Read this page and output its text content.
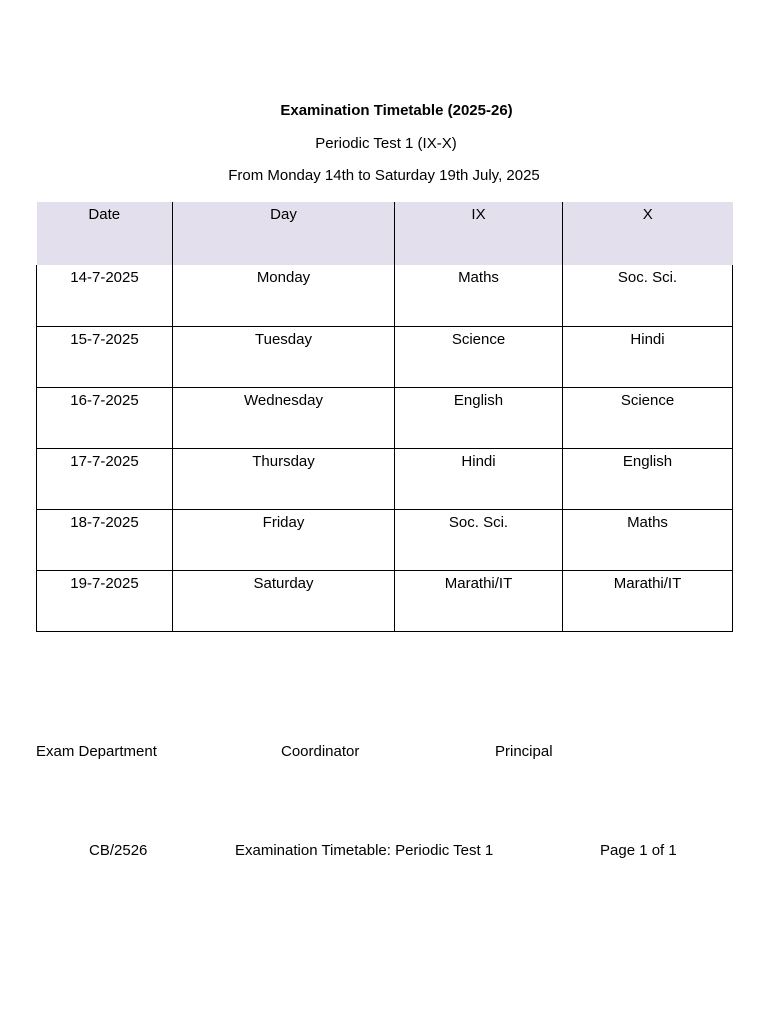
Examination Timetable (2025-26)
Periodic Test 1 (IX-X)
From Monday 14th to Saturday 19th July, 2025
Date	Day	IX	X
14-7-2025	Monday	Maths	Soc. Sci.
15-7-2025	Tuesday	Science	Hindi
16-7-2025	Wednesday	English	Science
17-7-2025	Thursday	Hindi	English
18-7-2025	Friday	Soc. Sci.	Maths
19-7-2025	Saturday	Marathi/IT	Marathi/IT
Exam Department	Coordinator	Principal
CB/2526	Examination Timetable: Periodic Test 1	Page 1 of 1
